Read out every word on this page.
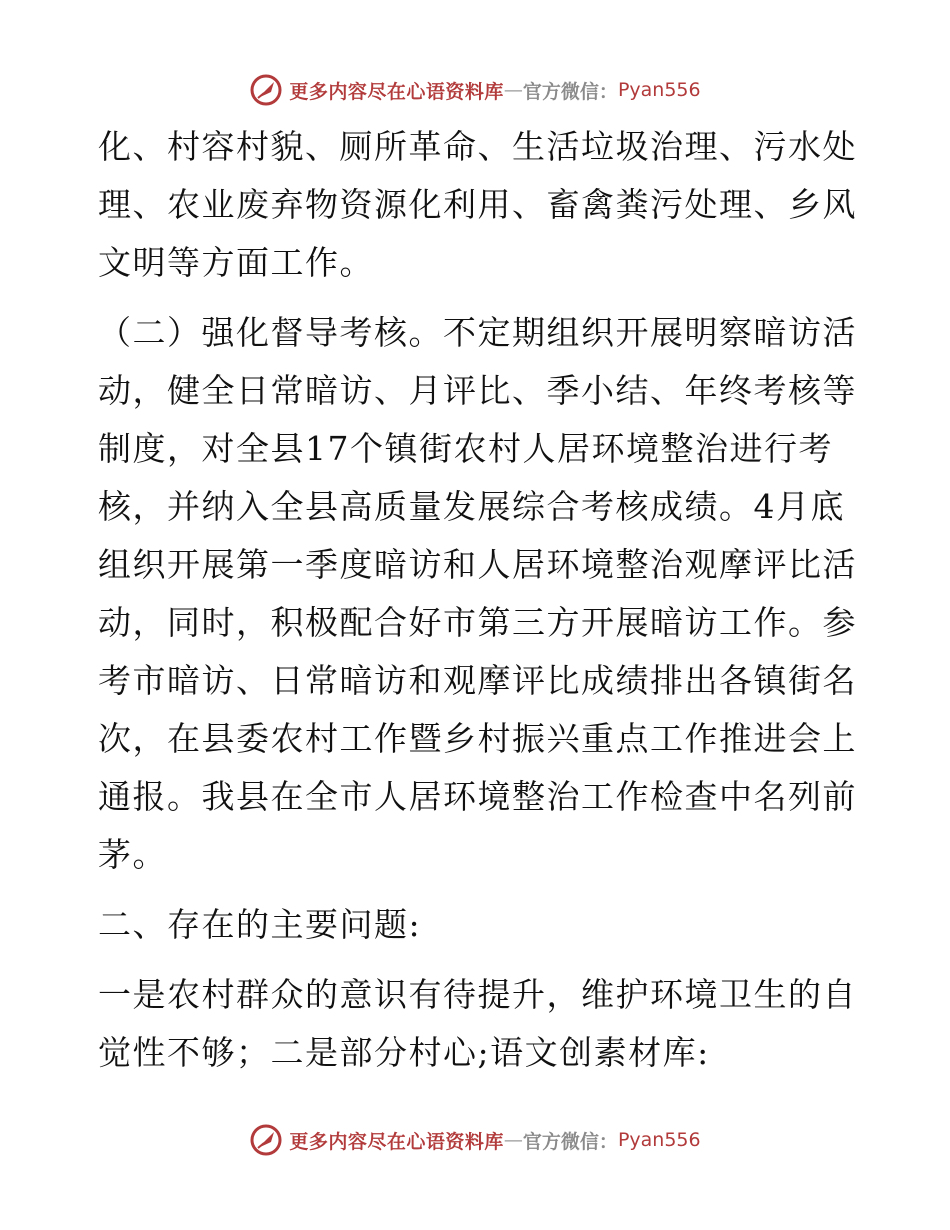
更多内容尽在心语资料库 — 官方微信： Pyan556

化、村容村貌、厕所革命、生活垃圾治理、污水处理、农业废弃物资源化利用、畜禽粪污处理、乡风文明等方面工作。

（二）强化督导考核。不定期组织开展明察暗访活动，健全日常暗访、月评比、季小结、年终考核等制度，对全县17个镇街农村人居环境整治进行考核，并纳入全县高质量发展综合考核成绩。4月底组织开展第一季度暗访和人居环境整治观摩评比活动，同时，积极配合好市第三方开展暗访工作。参考市暗访、日常暗访和观摩评比成绩排出各镇街名次，在县委农村工作暨乡村振兴重点工作推进会上通报。我县在全市人居环境整治工作检查中名列前茅。

二、存在的主要问题:

一是农村群众的意识有待提升，维护环境卫生的自觉性不够；二是部分村心;语文创素材库:

更多内容尽在心语资料库 — 官方微信： Pyan556
